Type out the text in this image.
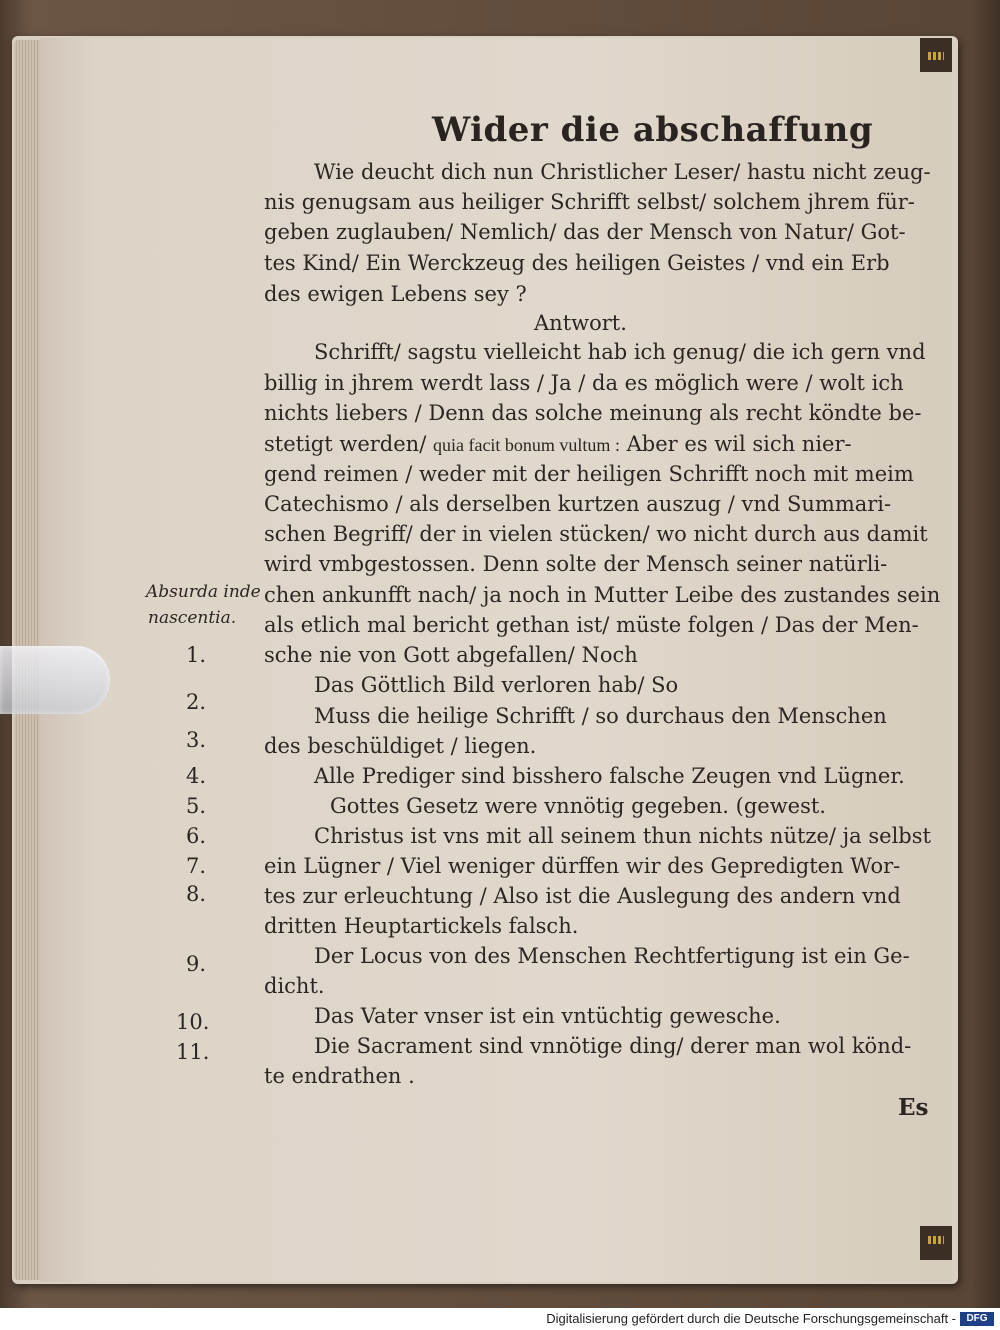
Wider die abschaffung
Wie deucht dich nun Christlicher Leser/ hastu nicht zeug-
nis genugsam aus heiliger Schrifft selbst/ solchem jhrem für-
geben zuglauben/ Nemlich/ das der Mensch von Natur/ Got-
tes Kind/ Ein Werckzeug des heiligen Geistes / vnd ein Erb
des ewigen Lebens sey ?
Antwort.
Schrifft/ sagstu vielleicht hab ich genug/ die ich gern vnd
billig in jhrem werdt lass / Ja / da es möglich were / wolt ich
nichts liebers / Denn das solche meinung als recht köndte be-
stetigt werden/ quia facit bonum vultum : Aber es wil sich nier-
gend reimen / weder mit der heiligen Schrifft noch mit meim
Catechismo / als derselben kurtzen auszug / vnd Summari-
schen Begriff/ der in vielen stücken/ wo nicht durch aus damit
wird vmbgestossen. Denn solte der Mensch seiner natürli-
chen ankunfft nach/ ja noch in Mutter Leibe des zustandes sein
als etlich mal bericht gethan ist/ müste folgen / Das der Men-
sche nie von Gott abgefallen/ Noch
Das Göttlich Bild verloren hab/ So
Muss die heilige Schrifft / so durchaus den Menschen
des beschüldiget / liegen.
Alle Prediger sind bisshero falsche Zeugen vnd Lügner.
Gottes Gesetz were vnnötig gegeben. (gewest.
Christus ist vns mit all seinem thun nichts nütze/ ja selbst
ein Lügner / Viel weniger dürffen wir des Gepredigten Wor-
tes zur erleuchtung / Also ist die Auslegung des andern vnd
dritten Heuptartickels falsch.
Der Locus von des Menschen Rechtfertigung ist ein Ge-
dicht.
Das Vater vnser ist ein vntüchtig gewesche.
Die Sacrament sind vnnötige ding/ derer man wol könd-
te endrathen .
Absurda inde
nascentia.
1.
2.
3.
4.
5.
6.
7.
8.
9.
10.
11.
Es
Digitalisierung gefördert durch die Deutsche Forschungsgemeinschaft -	DFG
